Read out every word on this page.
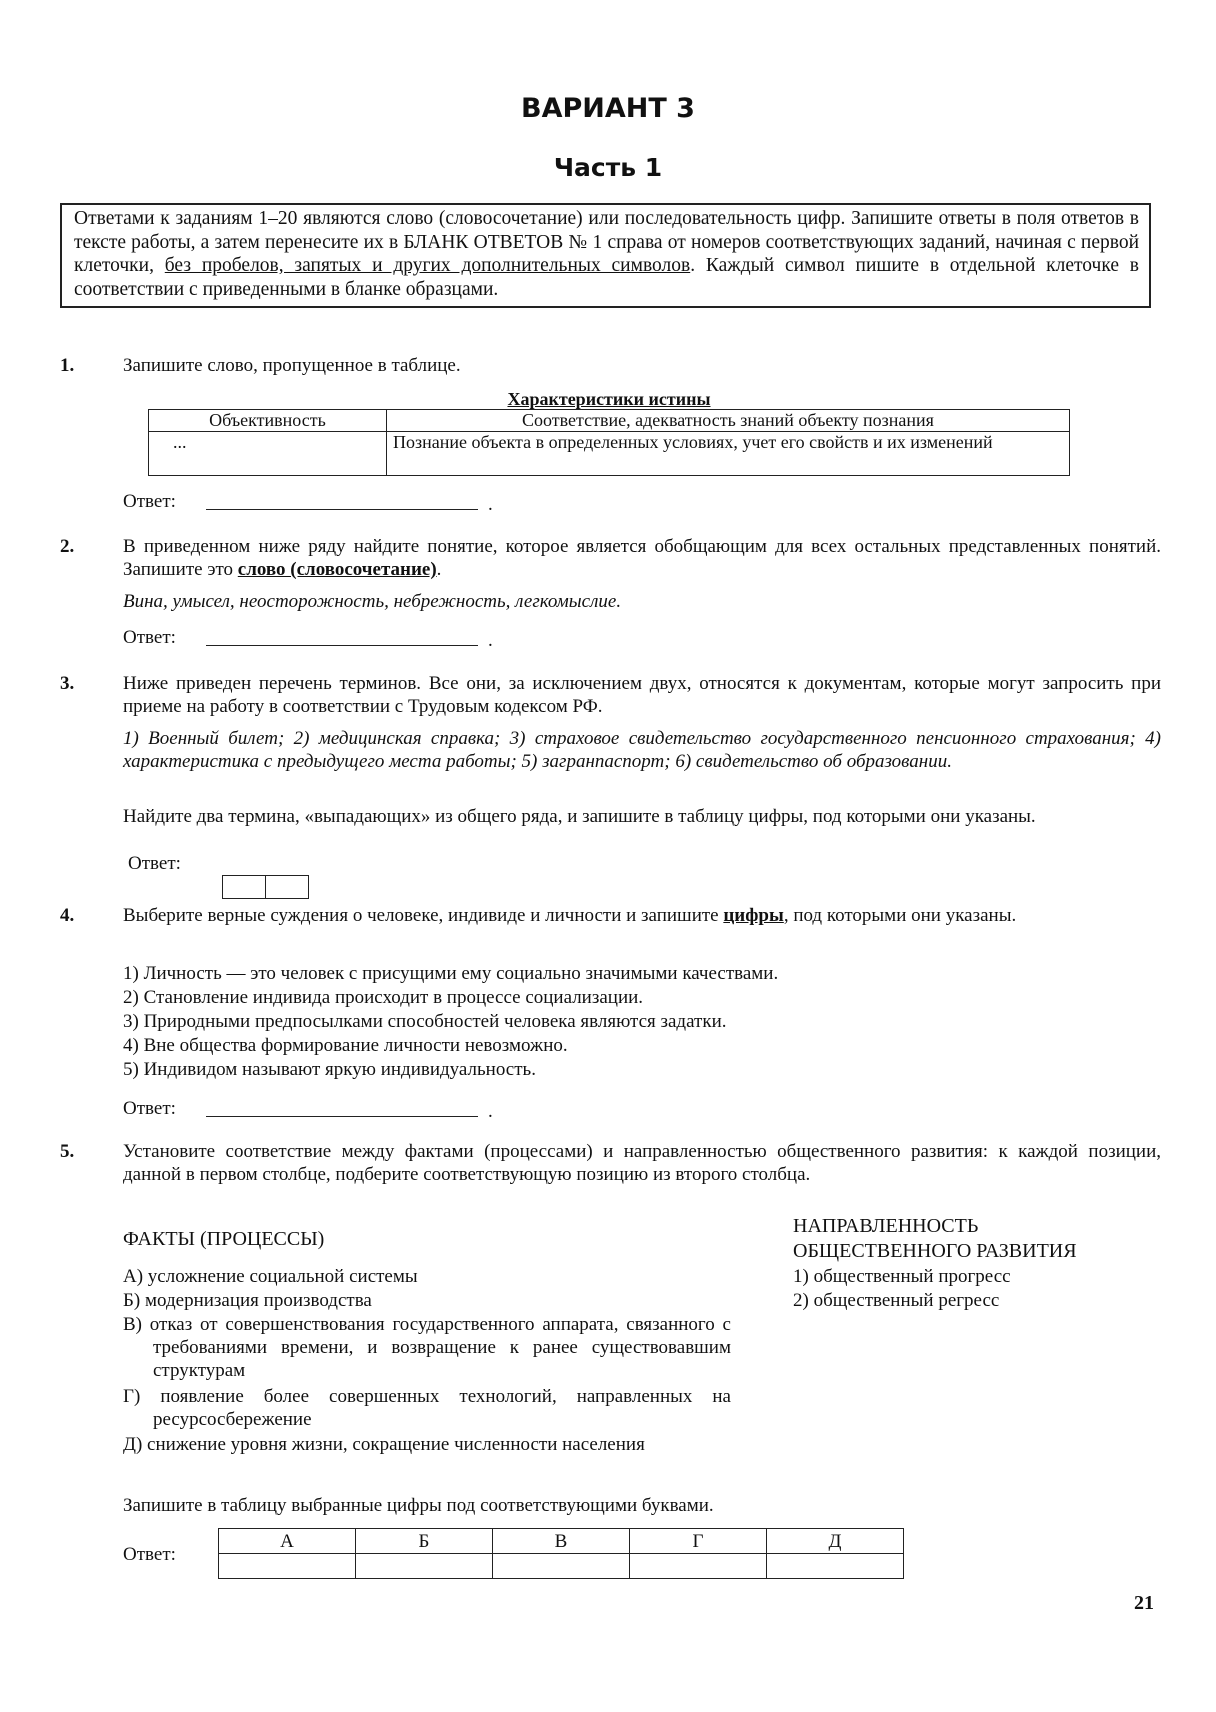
ВАРИАНТ 3
Часть 1
Ответами к заданиям 1–20 являются слово (словосочетание) или последовательность цифр. Запишите ответы в поля ответов в тексте работы, а затем перенесите их в БЛАНК ОТВЕТОВ № 1 справа от номеров соответствующих заданий, начиная с первой клеточки, без пробелов, запятых и других дополнительных символов. Каждый символ пишите в отдельной клеточке в соответствии с приведенными в бланке образцами.
1.	Запишите слово, пропущенное в таблице.
Характеристики истины
Объективность	Соответствие, адекватность знаний объекту познания
...	Познание объекта в определенных условиях, учет его свойств и их изменений
Ответ:	.
2.	В приведенном ниже ряду найдите понятие, которое является обобщающим для всех остальных представленных понятий. Запишите это слово (словосочетание).
Вина, умысел, неосторожность, небрежность, легкомыслие.
Ответ:	.
3.	Ниже приведен перечень терминов. Все они, за исключением двух, относятся к документам, которые могут запросить при приеме на работу в соответствии с Трудовым кодексом РФ.
1) Военный билет; 2) медицинская справка; 3) страховое свидетельство государственного пенсионного страхования; 4) характеристика с предыдущего места работы; 5) загранпаспорт; 6) свидетельство об образовании.
Найдите два термина, «выпадающих» из общего ряда, и запишите в таблицу цифры, под которыми они указаны.
Ответ:
4.	Выберите верные суждения о человеке, индивиде и личности и запишите цифры, под которыми они указаны.
1) Личность — это человек с присущими ему социально значимыми качествами.
2) Становление индивида происходит в процессе социализации.
3) Природными предпосылками способностей человека являются задатки.
4) Вне общества формирование личности невозможно.
5) Индивидом называют яркую индивидуальность.
Ответ:	.
5.	Установите соответствие между фактами (процессами) и направленностью общественного развития: к каждой позиции, данной в первом столбце, подберите соответствующую позицию из второго столбца.
ФАКТЫ (ПРОЦЕССЫ)
НАПРАВЛЕННОСТЬ
ОБЩЕСТВЕННОГО РАЗВИТИЯ
А) усложнение социальной системы
Б) модернизация производства
В) отказ от совершенствования государственного аппарата, связанного с требованиями времени, и возвращение к ранее существовавшим структурам
Г) появление более совершенных технологий, направленных на ресурсосбережение
Д) снижение уровня жизни, сокращение численности населения
1) общественный прогресс
2) общественный регресс
Запишите в таблицу выбранные цифры под соответствующими буквами.
Ответ:
А	Б	В	Г	Д

21
